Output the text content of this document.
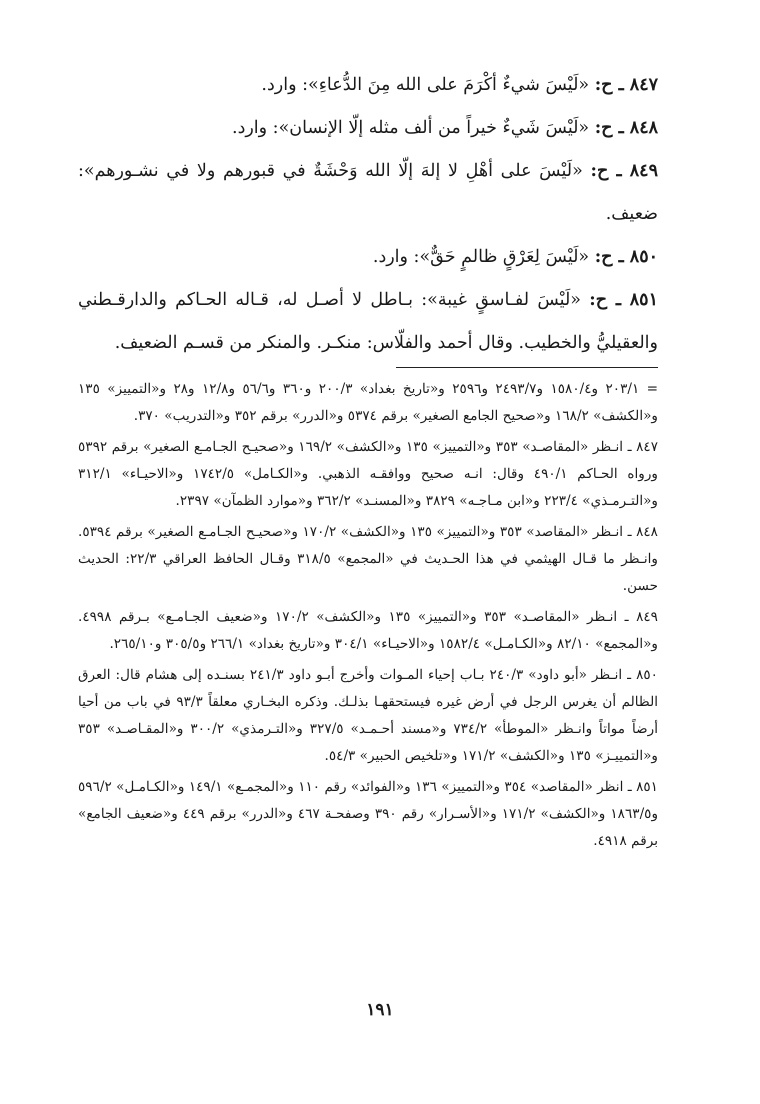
٨٤٧ ـ ح: «لَيْسَ شيءٌ أكْرَمَ على الله مِنَ الدُّعاءِ»: وارد.

٨٤٨ ـ ح: «لَيْسَ شَيءٌ خيراً من ألف مثله إلّا الإنسان»: وارد.

٨٤٩ ـ ح: «لَيْسَ على أهْلِ لا إلهَ إلّا الله وَحْشَةٌ في قبورهم ولا في نشـورهم»: ضعيف.

٨٥٠ ـ ح: «لَيْسَ لِعَرْقٍ ظالمٍ حَقٌّ»: وارد.

٨٥١ ـ ح: «لَيْسَ لفـاسقٍ غيبة»: بـاطل لا أصـل له، قـاله الحـاكم والدارقـطني والعقيليُّ والخطيب. وقال أحمد والفلّاس: منكـر. والمنكر من قسـم الضعيف.

= ٢٠٣/١ و١٥٨٠/٤ و٢٤٩٣/٧ و٢٥٩٦ و«تاريخ بغداد» ٢٠٠/٣ و٣٦٠ و٥٦/٦ و١٢/٨ و٢٨ و«التمييز» ١٣٥ و«الكشف» ١٦٨/٢ و«صحيح الجامع الصغير» برقم ٥٣٧٤ و«الدرر» برقم ٣٥٢ و«التدريب» ٣٧٠.

٨٤٧ ـ انـظر «المقاصـد» ٣٥٣ و«التمييز» ١٣٥ و«الكشف» ١٦٩/٢ و«صحيـح الجـامـع الصغير» برقم ٥٣٩٢ ورواه الحـاكم ٤٩٠/١ وقال: انـه صحيح ووافقـه الذهبي. و«الكـامل» ١٧٤٢/٥ و«الاحيـاء» ٣١٢/١ و«التـرمـذي» ٢٢٣/٤ و«ابن مـاجـه» ٣٨٢٩ و«المسنـد» ٣٦٢/٢ و«موارد الظمآن» ٢٣٩٧.

٨٤٨ ـ انـظر «المقاصد» ٣٥٣ و«التمييز» ١٣٥ و«الكشف» ١٧٠/٢ و«صحيـح الجـامـع الصغير» برقم ٥٣٩٤. وانـظر ما قـال الهيثمي في هذا الحـديث في «المجمع» ٣١٨/٥ وقـال الحافظ العراقي ٢٢/٣: الحديث حسن.

٨٤٩ ـ انـظر «المقاصـد» ٣٥٣ و«التمييز» ١٣٥ و«الكشف» ١٧٠/٢ و«ضعيف الجـامـع» بـرقم ٤٩٩٨. و«المجمع» ٨٢/١٠ و«الكـامـل» ١٥٨٢/٤ و«الاحيـاء» ٣٠٤/١ و«تاريخ بغداد» ٢٦٦/١ و٣٠٥/٥ و٢٦٥/١٠.

٨٥٠ ـ انـظر «أبو داود» ٢٤٠/٣ بـاب إحياء المـوات وأخرج أبـو داود ٢٤١/٣ بسنـده إلى هشام قال: العرق الظالم أن يغرس الرجل في أرض غيره فيستحقهـا بذلـك. وذكره البخـاري معلقاً ٩٣/٣ في باب من أحيا أرضاً مواتاً وانـظر «الموطأ» ٧٣٤/٢ و«مسند أحـمـد» ٣٢٧/٥ و«التـرمذي» ٣٠٠/٢ و«المقـاصـد» ٣٥٣ و«التمييـز» ١٣٥ و«الكشف» ١٧١/٢ و«تلخيص الحبير» ٥٤/٣.

٨٥١ ـ انظر «المقاصد» ٣٥٤ و«التمييز» ١٣٦ و«الفوائد» رقم ١١٠ و«المجمـع» ١٤٩/١ و«الكـامـل» ٥٩٦/٢ و١٨٦٣/٥ و«الكشف» ١٧١/٢ و«الأسـرار» رقم ٣٩٠ وصفحـة ٤٦٧ و«الدرر» برقم ٤٤٩ و«ضعيف الجامع» برقم ٤٩١٨.

١٩١
